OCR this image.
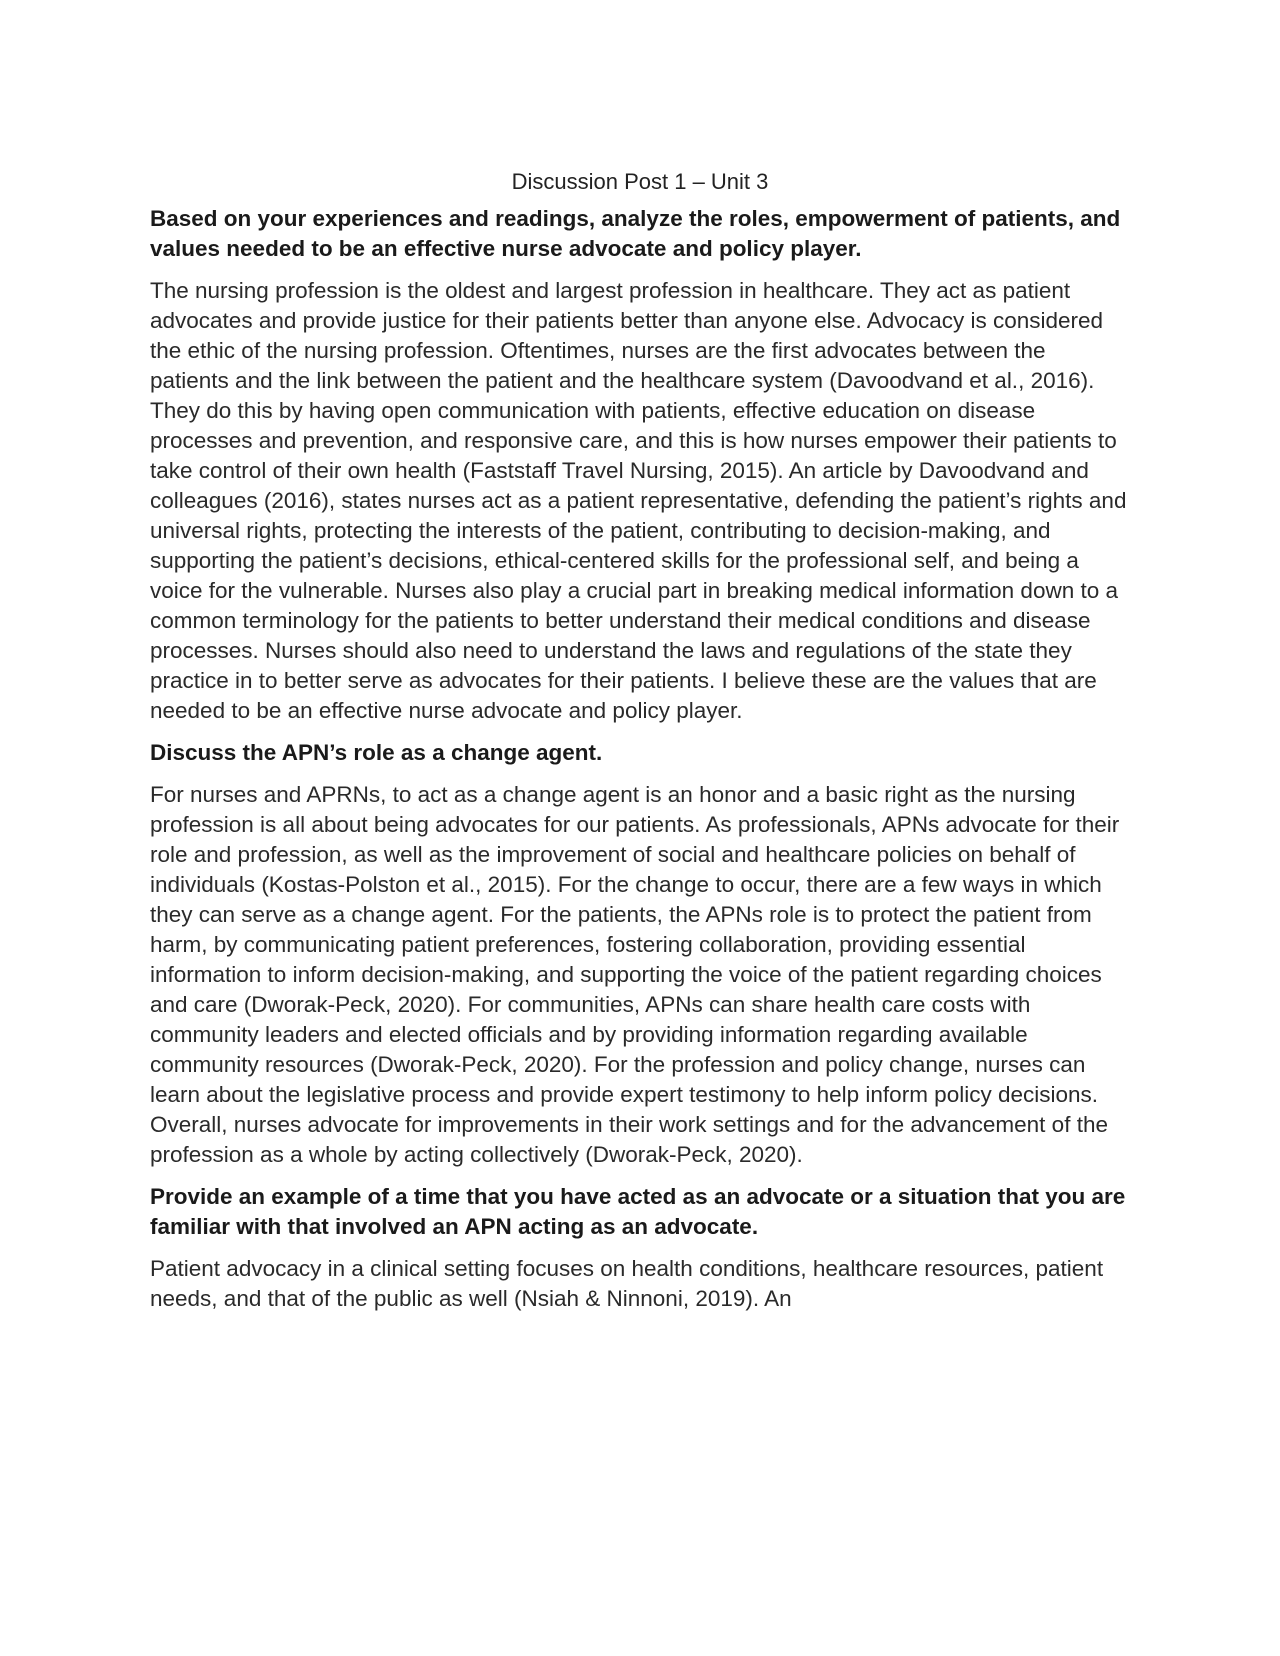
Discussion Post 1 – Unit 3
Based on your experiences and readings, analyze the roles, empowerment of patients, and values needed to be an effective nurse advocate and policy player.
The nursing profession is the oldest and largest profession in healthcare. They act as patient advocates and provide justice for their patients better than anyone else. Advocacy is considered the ethic of the nursing profession. Oftentimes, nurses are the first advocates between the patients and the link between the patient and the healthcare system (Davoodvand et al., 2016). They do this by having open communication with patients, effective education on disease processes and prevention, and responsive care, and this is how nurses empower their patients to take control of their own health (Faststaff Travel Nursing, 2015). An article by Davoodvand and colleagues (2016), states nurses act as a patient representative, defending the patient’s rights and universal rights, protecting the interests of the patient, contributing to decision-making, and supporting the patient’s decisions, ethical-centered skills for the professional self, and being a voice for the vulnerable. Nurses also play a crucial part in breaking medical information down to a common terminology for the patients to better understand their medical conditions and disease processes. Nurses should also need to understand the laws and regulations of the state they practice in to better serve as advocates for their patients. I believe these are the values that are needed to be an effective nurse advocate and policy player.
Discuss the APN’s role as a change agent.
For nurses and APRNs, to act as a change agent is an honor and a basic right as the nursing profession is all about being advocates for our patients. As professionals, APNs advocate for their role and profession, as well as the improvement of social and healthcare policies on behalf of individuals (Kostas-Polston et al., 2015). For the change to occur, there are a few ways in which they can serve as a change agent. For the patients, the APNs role is to protect the patient from harm, by communicating patient preferences, fostering collaboration, providing essential information to inform decision-making, and supporting the voice of the patient regarding choices and care (Dworak-Peck, 2020). For communities, APNs can share health care costs with community leaders and elected officials and by providing information regarding available community resources (Dworak-Peck, 2020). For the profession and policy change, nurses can learn about the legislative process and provide expert testimony to help inform policy decisions. Overall, nurses advocate for improvements in their work settings and for the advancement of the profession as a whole by acting collectively (Dworak-Peck, 2020).
Provide an example of a time that you have acted as an advocate or a situation that you are familiar with that involved an APN acting as an advocate.
Patient advocacy in a clinical setting focuses on health conditions, healthcare resources, patient needs, and that of the public as well (Nsiah & Ninnoni, 2019). An
